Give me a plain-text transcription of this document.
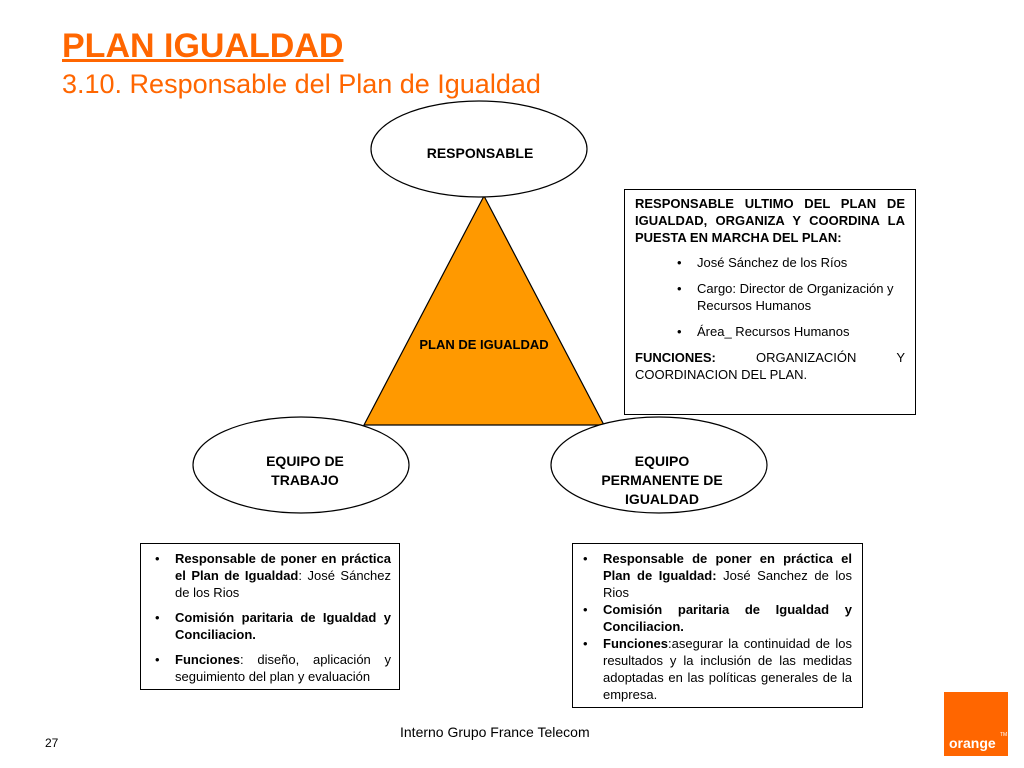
PLAN IGUALDAD
3.10. Responsable del Plan de Igualdad
PLAN DE IGUALDAD
RESPONSABLE
EQUIPO DE
TRABAJO
EQUIPO
PERMANENTE DE
IGUALDAD
RESPONSABLE ULTIMO DEL PLAN DE IGUALDAD, ORGANIZA Y COORDINA LA PUESTA EN MARCHA DEL PLAN:
• José Sánchez de los Ríos
• Cargo: Director de Organización y Recursos Humanos
• Área_ Recursos Humanos
FUNCIONES: ORGANIZACIÓN Y COORDINACION DEL PLAN.
• Responsable de poner en práctica el Plan de Igualdad: José Sánchez de los Rios
• Comisión paritaria de Igualdad y Conciliacion.
• Funciones: diseño, aplicación y seguimiento del plan y evaluación
• Responsable de poner en práctica el Plan de Igualdad: José Sanchez de los Rios
• Comisión paritaria de Igualdad y Conciliacion.
• Funciones:asegurar la continuidad de los resultados y la inclusión de las medidas adoptadas en las políticas generales de la empresa.
Interno Grupo France Telecom
27	orange TM
